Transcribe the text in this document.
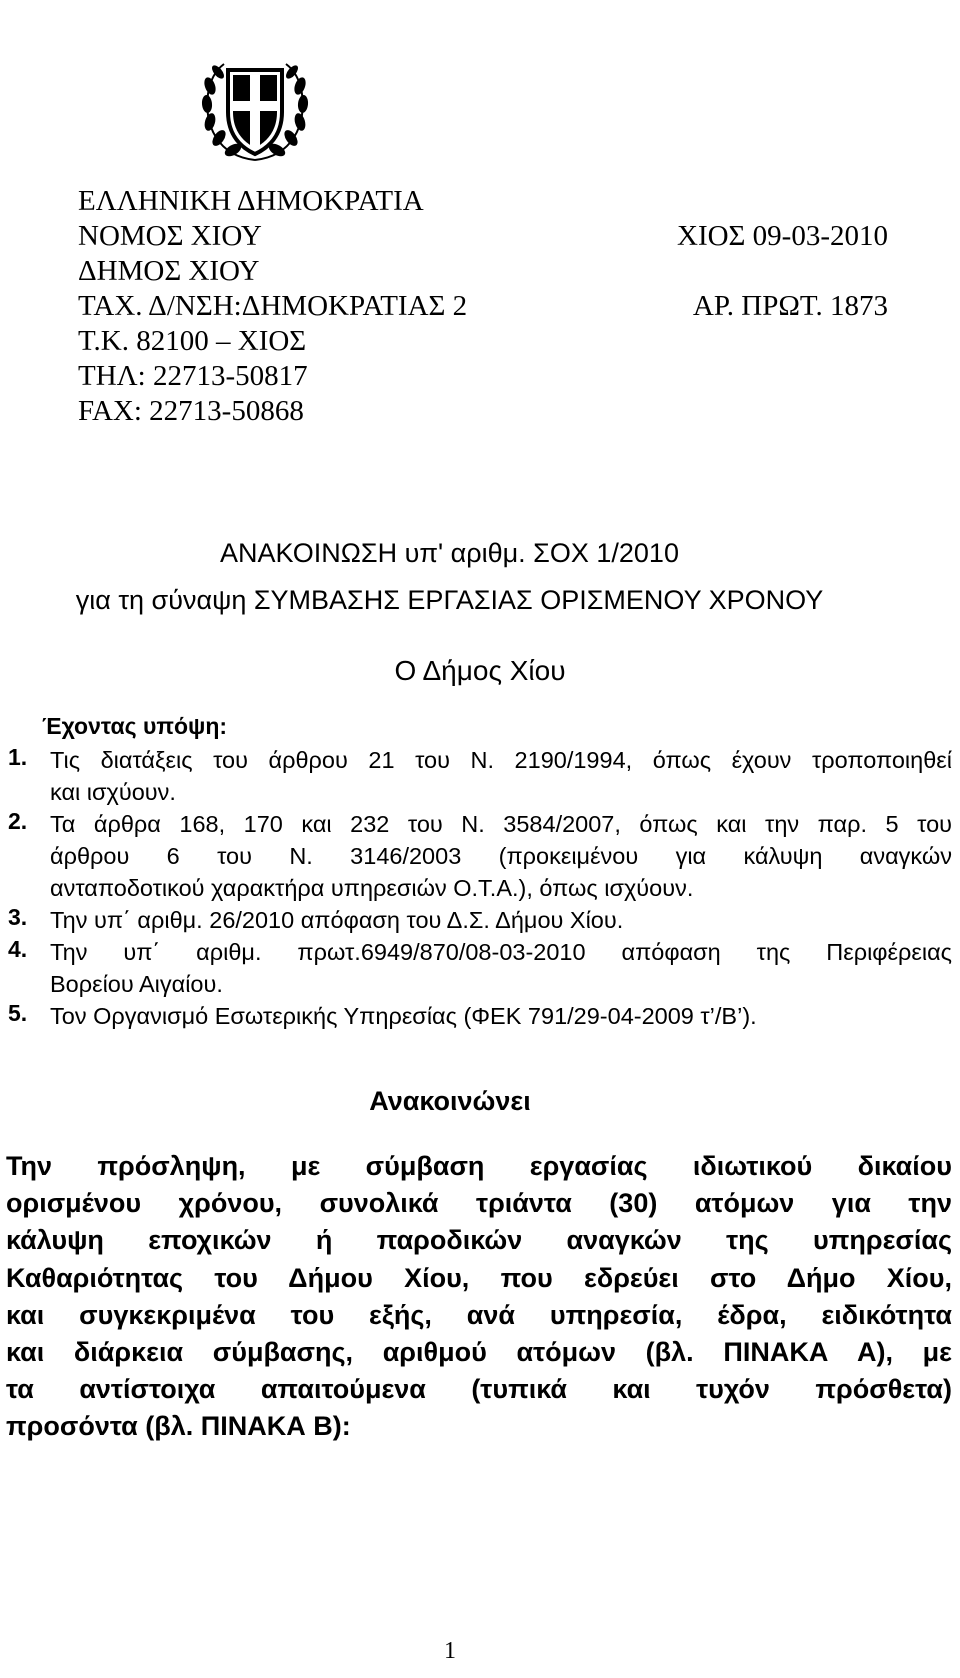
ΕΛΛΗΝΙΚΗ ΔΗΜΟΚΡΑΤΙΑ
ΝΟΜΟΣ ΧΙΟΥ
ΔΗΜΟΣ ΧΙΟΥ
ΤΑΧ. Δ/ΝΣΗ:ΔΗΜΟΚΡΑΤΙΑΣ 2
Τ.Κ. 82100 – ΧΙΟΣ
ΤΗΛ: 22713-50817
FAX: 22713-50868
ΧΙΟΣ 09-03-2010
ΑΡ. ΠΡΩΤ. 1873
ΑΝΑΚΟΙΝΩΣΗ υπ' αριθμ. ΣΟΧ 1/2010
για τη σύναψη ΣΥΜΒΑΣΗΣ ΕΡΓΑΣΙΑΣ ΟΡΙΣΜΕΝΟΥ ΧΡΟΝΟΥ
Ο Δήμος Χίου
Έχοντας υπόψη:
1. Τις διατάξεις του άρθρου 21 του Ν. 2190/1994, όπως έχουν τροποποιηθεί
και ισχύουν.
2. Τα άρθρα 168, 170 και 232 του Ν. 3584/2007, όπως και την παρ. 5 του
άρθρου 6 του Ν. 3146/2003 (προκειμένου για κάλυψη αναγκών
ανταποδοτικού χαρακτήρα υπηρεσιών Ο.Τ.Α.), όπως ισχύουν.
3. Την υπ΄ αριθμ. 26/2010 απόφαση του Δ.Σ. Δήμου Χίου.
4. Την υπ΄ αριθμ. πρωτ.6949/870/08-03-2010 απόφαση της Περιφέρειας
Βορείου Αιγαίου.
5. Τον Οργανισμό Εσωτερικής Υπηρεσίας (ΦΕΚ 791/29-04-2009 τ’/Β’).
Ανακοινώνει
Την πρόσληψη, με σύμβαση εργασίας ιδιωτικού δικαίου
ορισμένου χρόνου, συνολικά τριάντα (30) ατόμων για την
κάλυψη εποχικών ή παροδικών αναγκών της υπηρεσίας
Καθαριότητας του Δήμου Χίου, που εδρεύει στο Δήμο Χίου,
και συγκεκριμένα του εξής, ανά υπηρεσία, έδρα, ειδικότητα
και διάρκεια σύμβασης, αριθμού ατόμων (βλ. ΠΙΝΑΚΑ Α), με
τα αντίστοιχα απαιτούμενα (τυπικά και τυχόν πρόσθετα)
προσόντα (βλ. ΠΙΝΑΚΑ Β):
1
